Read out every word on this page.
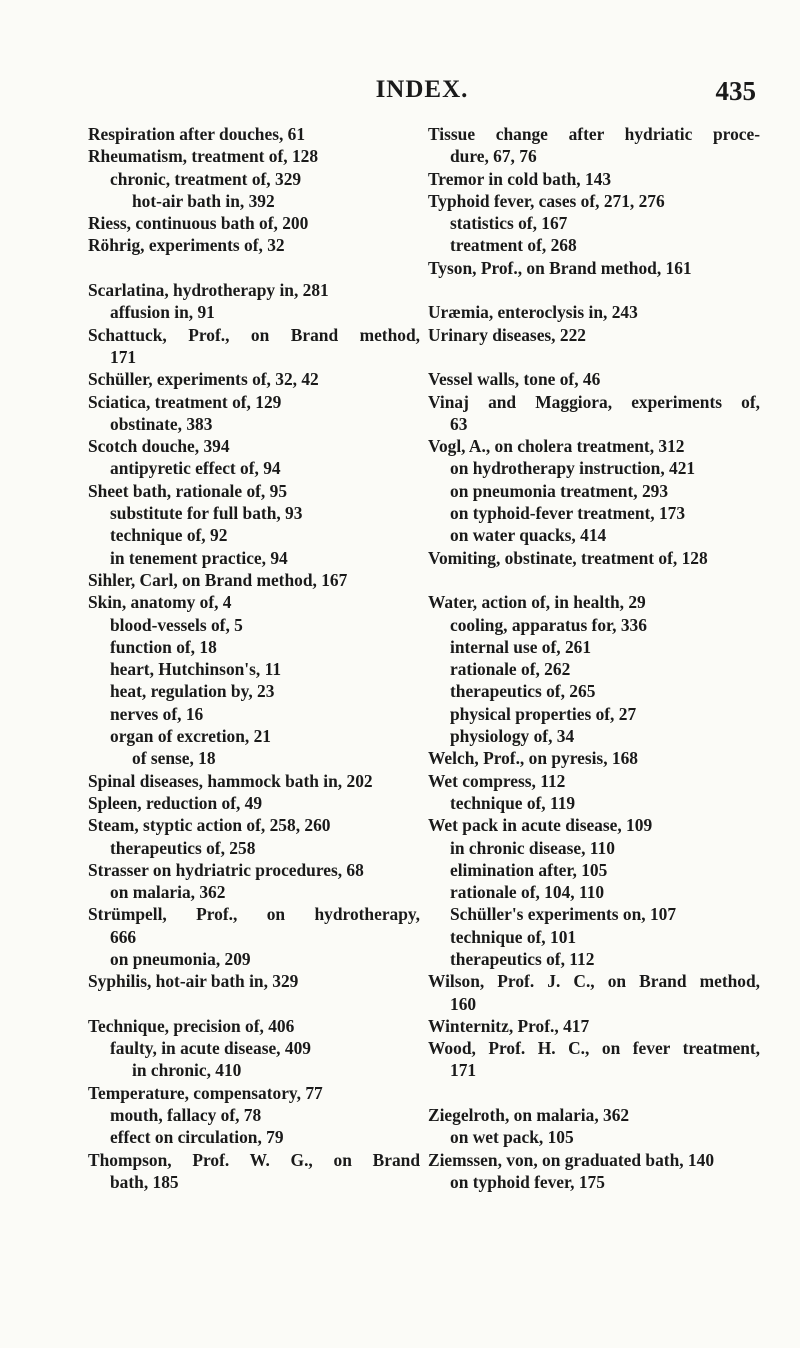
INDEX.	435
Respiration after douches, 61
Rheumatism, treatment of, 128
chronic, treatment of, 329
hot-air bath in, 392
Riess, continuous bath of, 200
Röhrig, experiments of, 32
Scarlatina, hydrotherapy in, 281
affusion in, 91
Schattuck, Prof., on Brand method,
171
Schüller, experiments of, 32, 42
Sciatica, treatment of, 129
obstinate, 383
Scotch douche, 394
antipyretic effect of, 94
Sheet bath, rationale of, 95
substitute for full bath, 93
technique of, 92
in tenement practice, 94
Sihler, Carl, on Brand method, 167
Skin, anatomy of, 4
blood-vessels of, 5
function of, 18
heart, Hutchinson's, 11
heat, regulation by, 23
nerves of, 16
organ of excretion, 21
of sense, 18
Spinal diseases, hammock bath in, 202
Spleen, reduction of, 49
Steam, styptic action of, 258, 260
therapeutics of, 258
Strasser on hydriatric procedures, 68
on malaria, 362
Strümpell, Prof., on hydrotherapy,
666
on pneumonia, 209
Syphilis, hot-air bath in, 329
Technique, precision of, 406
faulty, in acute disease, 409
in chronic, 410
Temperature, compensatory, 77
mouth, fallacy of, 78
effect on circulation, 79
Thompson, Prof. W. G., on Brand
bath, 185
Tissue change after hydriatic proce-
dure, 67, 76
Tremor in cold bath, 143
Typhoid fever, cases of, 271, 276
statistics of, 167
treatment of, 268
Tyson, Prof., on Brand method, 161
Uræmia, enteroclysis in, 243
Urinary diseases, 222
Vessel walls, tone of, 46
Vinaj and Maggiora, experiments of,
63
Vogl, A., on cholera treatment, 312
on hydrotherapy instruction, 421
on pneumonia treatment, 293
on typhoid-fever treatment, 173
on water quacks, 414
Vomiting, obstinate, treatment of, 128
Water, action of, in health, 29
cooling, apparatus for, 336
internal use of, 261
rationale of, 262
therapeutics of, 265
physical properties of, 27
physiology of, 34
Welch, Prof., on pyresis, 168
Wet compress, 112
technique of, 119
Wet pack in acute disease, 109
in chronic disease, 110
elimination after, 105
rationale of, 104, 110
Schüller's experiments on, 107
technique of, 101
therapeutics of, 112
Wilson, Prof. J. C., on Brand method,
160
Winternitz, Prof., 417
Wood, Prof. H. C., on fever treatment,
171
Ziegelroth, on malaria, 362
on wet pack, 105
Ziemssen, von, on graduated bath, 140
on typhoid fever, 175
